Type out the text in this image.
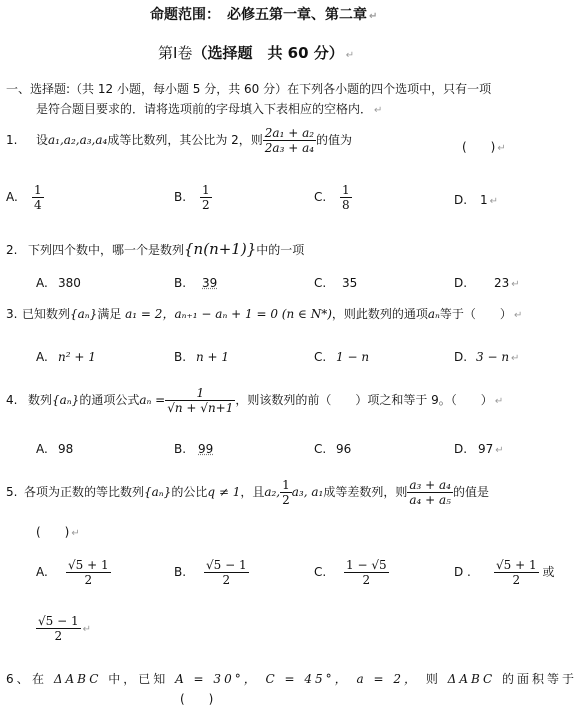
命题范围：　必修五第一章、第二章 ↵
第Ⅰ卷（选择题　共 60 分） ↵
一、选择题:（共 12 小题，每小题 5 分，共 60 分）在下列各小题的四个选项中，只有一项
是符合题目要求的．请将选项前的字母填入下表相应的空格内． ↵
1. 设a₁,a₂,a₃,a₄成等比数列，其公比为 2，则 $\frac{\text{2a₁ + a₂}}{\text{2a₃ + a₄}}$ 的值为	(　　) ↵
A. $\frac{1}{4}$	B. $\frac{1}{2}$	C. $\frac{1}{8}$	D. 1 ↵
2. 下列四个数中，哪一个是数列{n(n+1)}中的一项
A. 380	B. 39	C. 35	D. 23 ↵
3. 已知数列{aₙ}满足 a₁ = 2，aₙ₊₁ − aₙ + 1 = 0 (n ∈ N*)，则此数列的通项aₙ等于（　　） ↵
A. n² + 1	B. n + 1	C. 1 − n	D. 3 − n ↵
4. 数列{aₙ}的通项公式$a_n = \frac{1}{√n + √n+1}$ ，则该数列的前（　　）项之和等于 9。（　　） ↵
A. 98	B. 99	C. 96	D. 97 ↵
5. 各项为正数的等比数列{aₙ}的公比q ≠ 1，且a₂, $\frac{1}{2} a_3$, a₁成等差数列，则 $\frac{\text{a₃ + a₄}}{\text{a₄ + a₅}}$ 的值是
(　　) ↵
A. $\frac{√5 + 1}{2}$	B. $\frac{√5 - 1}{2}$	C. $\frac{1 - √5}{2}$	D . $\frac{√5 + 1}{2}$ 或
$\frac{√5 - 1}{2}$ ↵
6、在 ΔABC 中，已知 A = 30°， C = 45°， a = 2， 则 ΔABC 的面积等于
(　　)
